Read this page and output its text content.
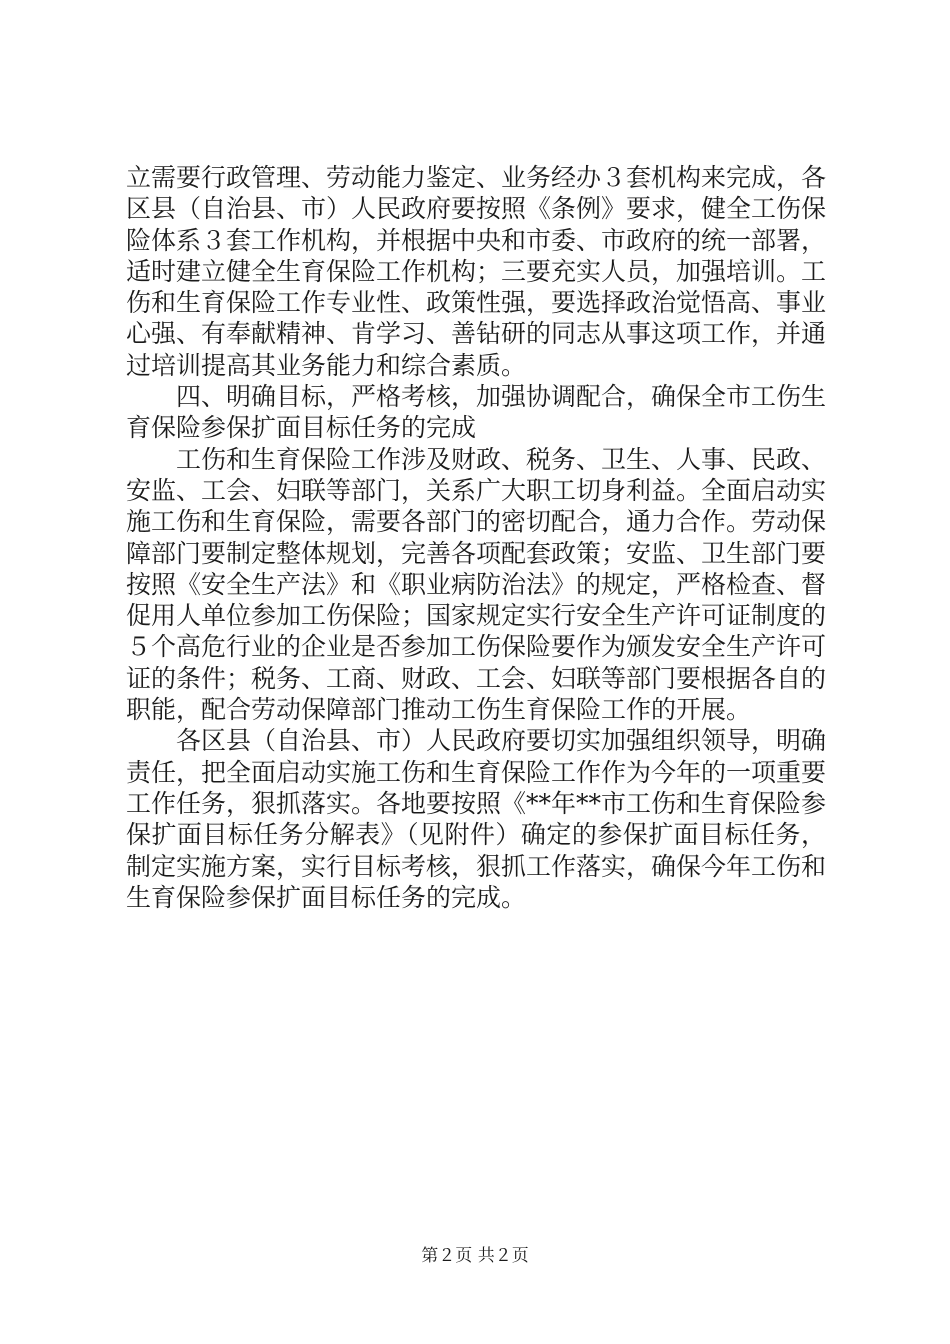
立需要行政管理、劳动能力鉴定、业务经办３套机构来完成，各区县（自治县、市）人民政府要按照《条例》要求，健全工伤保险体系３套工作机构，并根据中央和市委、市政府的统一部署，适时建立健全生育保险工作机构；三要充实人员，加强培训。工伤和生育保险工作专业性、政策性强，要选择政治觉悟高、事业心强、有奉献精神、肯学习、善钻研的同志从事这项工作，并通过培训提高其业务能力和综合素质。

四、明确目标，严格考核，加强协调配合，确保全市工伤生育保险参保扩面目标任务的完成

工伤和生育保险工作涉及财政、税务、卫生、人事、民政、安监、工会、妇联等部门，关系广大职工切身利益。全面启动实施工伤和生育保险，需要各部门的密切配合，通力合作。劳动保障部门要制定整体规划，完善各项配套政策；安监、卫生部门要按照《安全生产法》和《职业病防治法》的规定，严格检查、督促用人单位参加工伤保险；国家规定实行安全生产许可证制度的５个高危行业的企业是否参加工伤保险要作为颁发安全生产许可证的条件；税务、工商、财政、工会、妇联等部门要根据各自的职能，配合劳动保障部门推动工伤生育保险工作的开展。

各区县（自治县、市）人民政府要切实加强组织领导，明确责任，把全面启动实施工伤和生育保险工作作为今年的一项重要工作任务，狠抓落实。各地要按照《**年**市工伤和生育保险参保扩面目标任务分解表》（见附件）确定的参保扩面目标任务，制定实施方案，实行目标考核，狠抓工作落实，确保今年工伤和生育保险参保扩面目标任务的完成。

第２页 共２页
